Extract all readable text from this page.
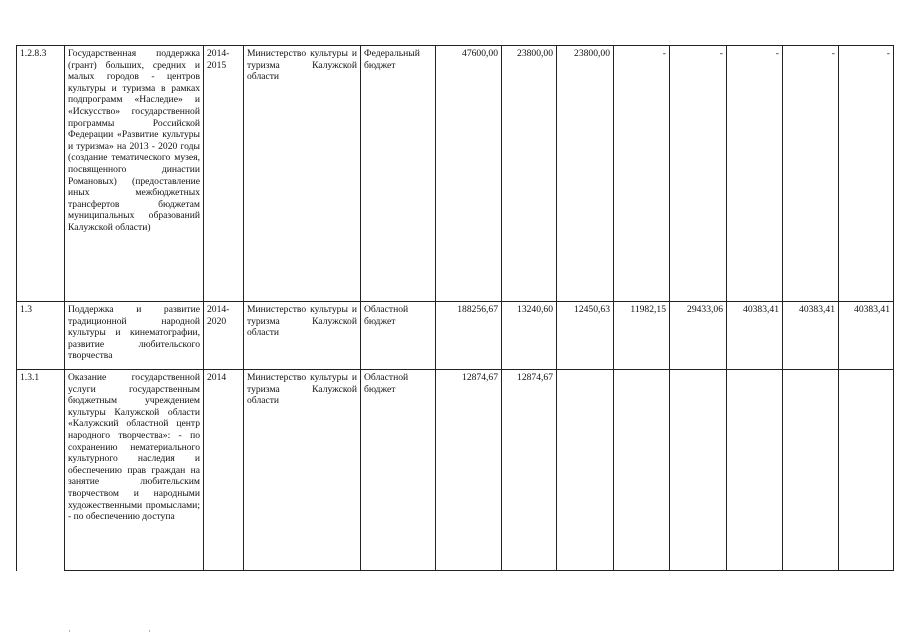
1.2.8.3	Государственная поддержка (грант) больших, средних и малых городов - центров культуры и туризма в рамках подпрограмм «Наследие» и «Искусство» государственной программы Российской Федерации «Развитие культуры и туризма» на 2013 - 2020 годы (создание тематического музея, посвященного династии Романовых) (предоставление иных межбюджетных трансфертов бюджетам муниципальных образований Калужской области)	2014-2015	Министерство культуры и туризма Калужской области	Федеральный бюджет	47600,00	23800,00	23800,00	-	-	-	-	-
1.3	Поддержка и развитие традиционной народной культуры и кинематографии, развитие любительского творчества	2014-2020	Министерство культуры и туризма Калужской области	Областной бюджет	188256,67	13240,60	12450,63	11982,15	29433,06	40383,41	40383,41	40383,41
1.3.1	Оказание государственной услуги государственным бюджетным учреждением культуры Калужской области «Калужский областной центр народного творчества»: - по сохранению нематериального культурного наследия и обеспечению прав граждан на занятие любительским творчеством и народными художественными промыслами; - по обеспечению доступа	2014	Министерство культуры и туризма Калужской области	Областной бюджет	12874,67	12874,67						
·	·
